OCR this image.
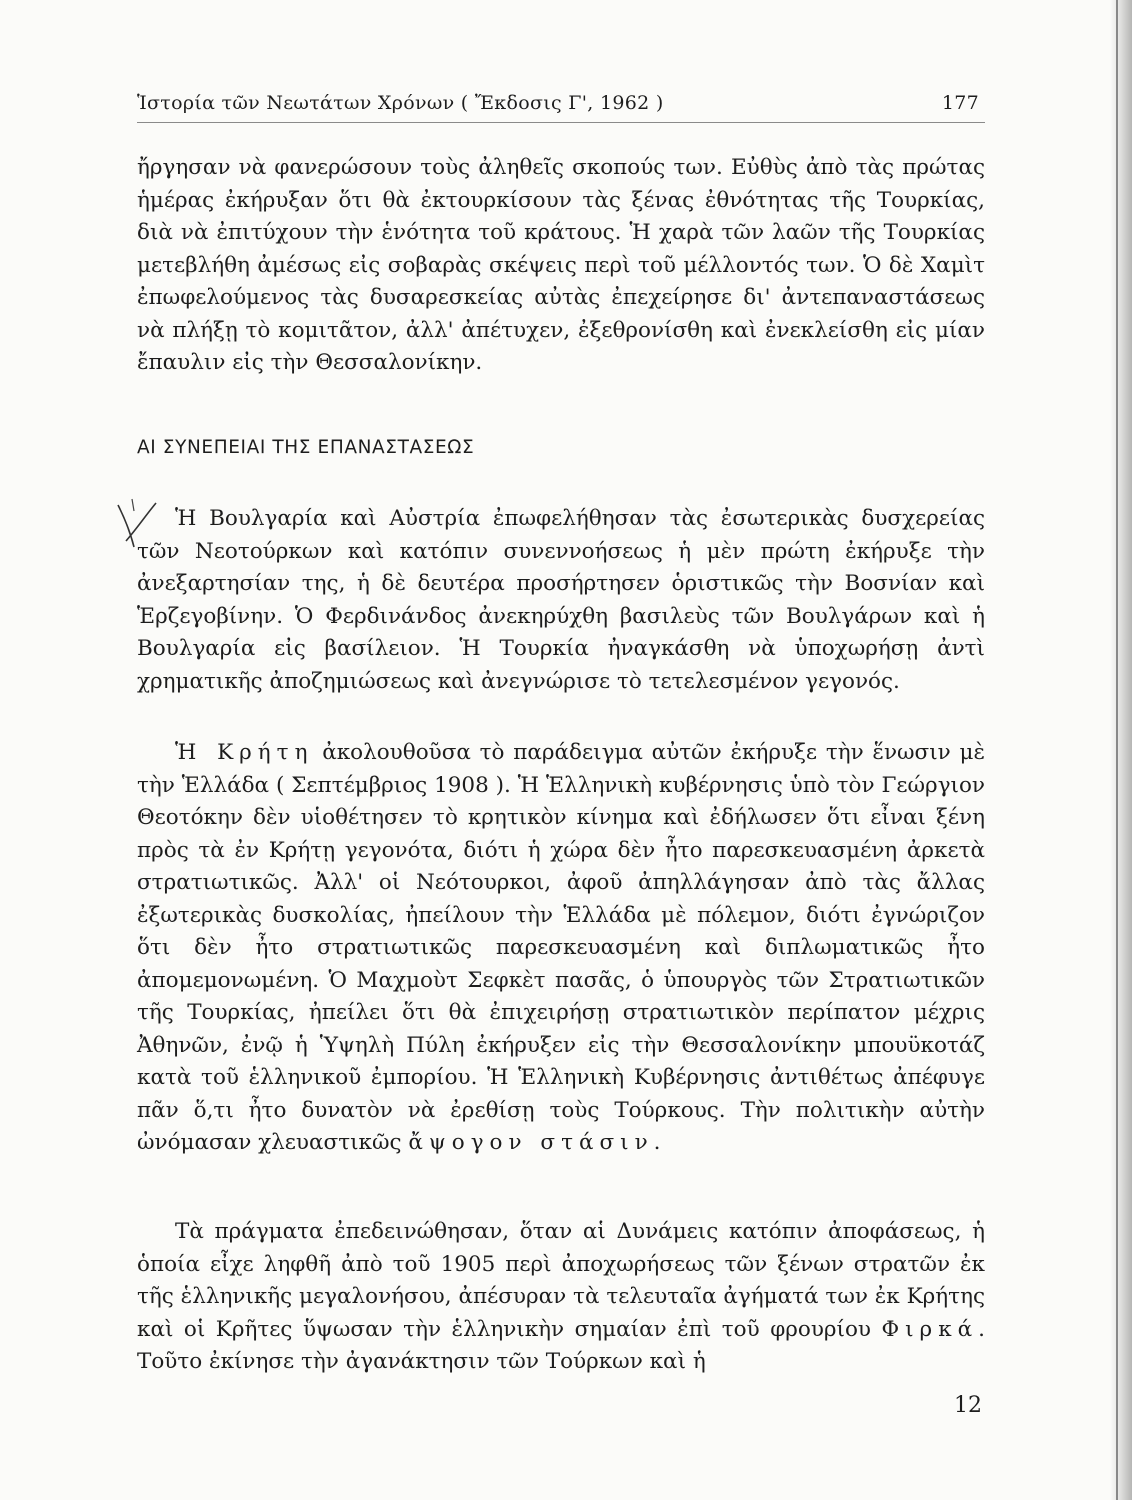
Ἱστορία τῶν Νεωτάτων Χρόνων ( Ἔκδοσις Γ', 1962 )	177

ἤργησαν νὰ φανερώσουν τοὺς ἀληθεῖς σκοπούς των. Εὐθὺς ἀπὸ τὰς πρώτας ἡμέρας ἐκήρυξαν ὅτι θὰ ἐκτουρκίσουν τὰς ξένας ἐθνότητας τῆς Τουρκίας, διὰ νὰ ἐπιτύχουν τὴν ἑνότητα τοῦ κράτους. Ἡ χαρὰ τῶν λαῶν τῆς Τουρκίας μετεβλήθη ἀμέσως εἰς σοβαρὰς σκέψεις περὶ τοῦ μέλλοντός των. Ὁ δὲ Χαμὶτ ἐπωφελούμενος τὰς δυσαρεσκείας αὐτὰς ἐπεχείρησε δι' ἀντεπαναστάσεως νὰ πλήξῃ τὸ κομιτᾶτον, ἀλλ' ἀπέτυχεν, ἐξεθρονίσθη καὶ ἐνεκλείσθη εἰς μίαν ἔπαυλιν εἰς τὴν Θεσσαλονίκην.

ΑΙ ΣΥΝΕΠΕΙΑΙ ΤΗΣ ΕΠΑΝΑΣΤΑΣΕΩΣ

Ἡ Βουλγαρία καὶ Αὐστρία ἐπωφελήθησαν τὰς ἐσωτερικὰς δυσχερείας τῶν Νεοτούρκων καὶ κατόπιν συνεννοήσεως ἡ μὲν πρώτη ἐκήρυξε τὴν ἀνεξαρτησίαν της, ἡ δὲ δευτέρα προσήρτησεν ὁριστικῶς τὴν Βοσνίαν καὶ Ἑρζεγοβίνην. Ὁ Φερδινάνδος ἀνεκηρύχθη βασιλεὺς τῶν Βουλγάρων καὶ ἡ Βουλγαρία εἰς βασίλειον. Ἡ Τουρκία ἠναγκάσθη νὰ ὑποχωρήσῃ ἀντὶ χρηματικῆς ἀποζημιώσεως καὶ ἀνεγνώρισε τὸ τετελεσμένον γεγονός.

Ἡ Κρήτη ἀκολουθοῦσα τὸ παράδειγμα αὐτῶν ἐκήρυξε τὴν ἕνωσιν μὲ τὴν Ἑλλάδα ( Σεπτέμβριος 1908 ). Ἡ Ἑλληνικὴ κυβέρνησις ὑπὸ τὸν Γεώργιον Θεοτόκην δὲν υἱοθέτησεν τὸ κρητικὸν κίνημα καὶ ἐδήλωσεν ὅτι εἶναι ξένη πρὸς τὰ ἐν Κρήτῃ γεγονότα, διότι ἡ χώρα δὲν ἦτο παρεσκευασμένη ἀρκετὰ στρατιωτικῶς. Ἀλλ' οἱ Νεότουρκοι, ἀφοῦ ἀπηλλάγησαν ἀπὸ τὰς ἄλλας ἐξωτερικὰς δυσκολίας, ἠπείλουν τὴν Ἑλλάδα μὲ πόλεμον, διότι ἐγνώριζον ὅτι δὲν ἦτο στρατιωτικῶς παρεσκευασμένη καὶ διπλωματικῶς ἦτο ἀπομεμονωμένη. Ὁ Μαχμοὺτ Σεφκὲτ πασᾶς, ὁ ὑπουργὸς τῶν Στρατιωτικῶν τῆς Τουρκίας, ἠπείλει ὅτι θὰ ἐπιχειρήσῃ στρατιωτικὸν περίπατον μέχρις Ἀθηνῶν, ἐνῷ ἡ Ὑψηλὴ Πύλη ἐκήρυξεν εἰς τὴν Θεσσαλονίκην μπουϋκοτάζ κατὰ τοῦ ἑλληνικοῦ ἐμπορίου. Ἡ Ἑλληνικὴ Κυβέρνησις ἀντιθέτως ἀπέφυγε πᾶν ὅ,τι ἦτο δυνατὸν νὰ ἐρεθίσῃ τοὺς Τούρκους. Τὴν πολιτικὴν αὐτὴν ὠνόμασαν χλευαστικῶς ἄψογον στάσιν.

Τὰ πράγματα ἐπεδεινώθησαν, ὅταν αἱ Δυνάμεις κατόπιν ἀποφάσεως, ἡ ὁποία εἶχε ληφθῆ ἀπὸ τοῦ 1905 περὶ ἀποχωρήσεως τῶν ξένων στρατῶν ἐκ τῆς ἑλληνικῆς μεγαλονήσου, ἀπέσυραν τὰ τελευταῖα ἀγήματά των ἐκ Κρήτης καὶ οἱ Κρῆτες ὕψωσαν τὴν ἑλληνικὴν σημαίαν ἐπὶ τοῦ φρουρίου Φιρκά. Τοῦτο ἐκίνησε τὴν ἀγανάκτησιν τῶν Τούρκων καὶ ἡ

12
